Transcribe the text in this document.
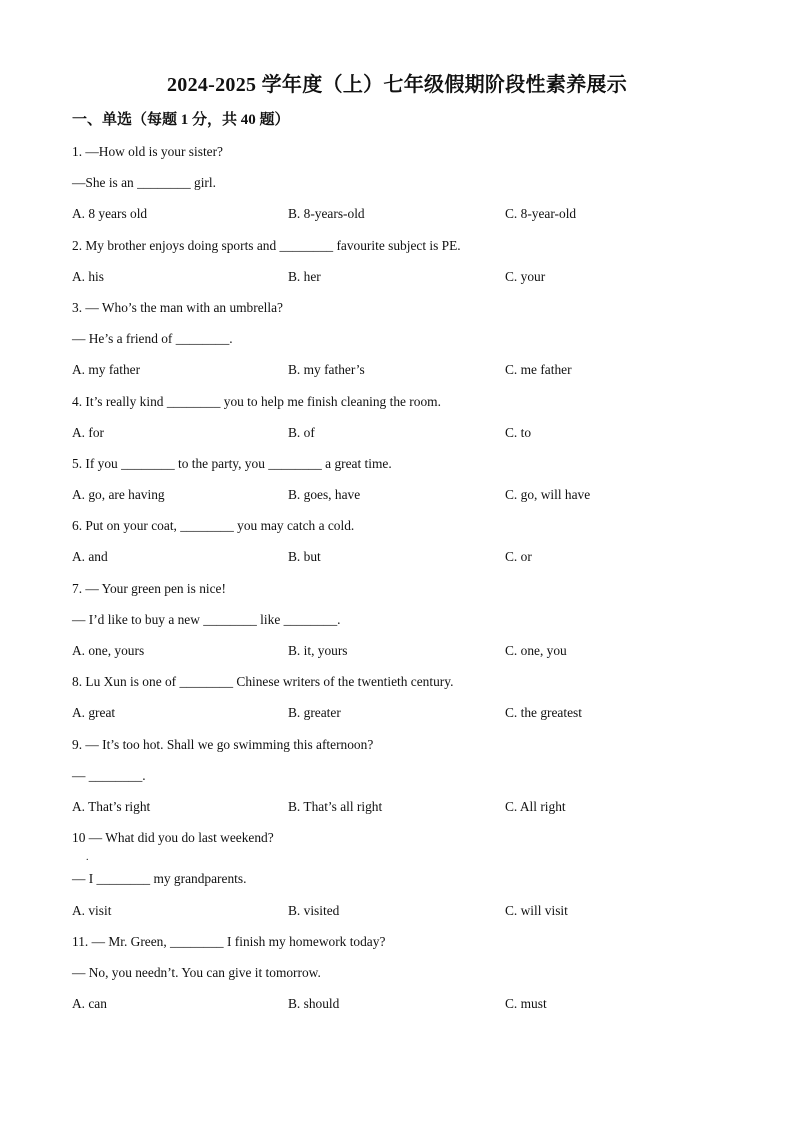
2024-2025 学年度（上）七年级假期阶段性素养展示
一、单选（每题 1 分，共 40 题）
1. —How old is your sister?
—She is an ________ girl.
A. 8 years old	B. 8-years-old	C. 8-year-old
2. My brother enjoys doing sports and ________ favourite subject is PE.
A. his	B. her	C. your
3. — Who’s the man with an umbrella?
— He’s a friend of ________.
A. my father	B. my father’s	C. me father
4. It’s really kind ________ you to help me finish cleaning the room.
A. for	B. of	C. to
5. If you ________ to the party, you ________ a great time.
A. go, are having	B. goes, have	C. go, will have
6. Put on your coat, ________ you may catch a cold.
A. and	B. but	C. or
7. — Your green pen is nice!
— I’d like to buy a new ________ like ________.
A. one, yours	B. it, yours	C. one, you
8. Lu Xun is one of ________ Chinese writers of the twentieth century.
A. great	B. greater	C. the greatest
9. — It’s too hot. Shall we go swimming this afternoon?
— ________.
A. That’s right	B. That’s all right	C. All right
10 — What did you do last weekend?
.
— I ________ my grandparents.
A. visit	B. visited	C. will visit
11. — Mr. Green, ________ I finish my homework today?
— No, you needn’t. You can give it tomorrow.
A. can	B. should	C. must
